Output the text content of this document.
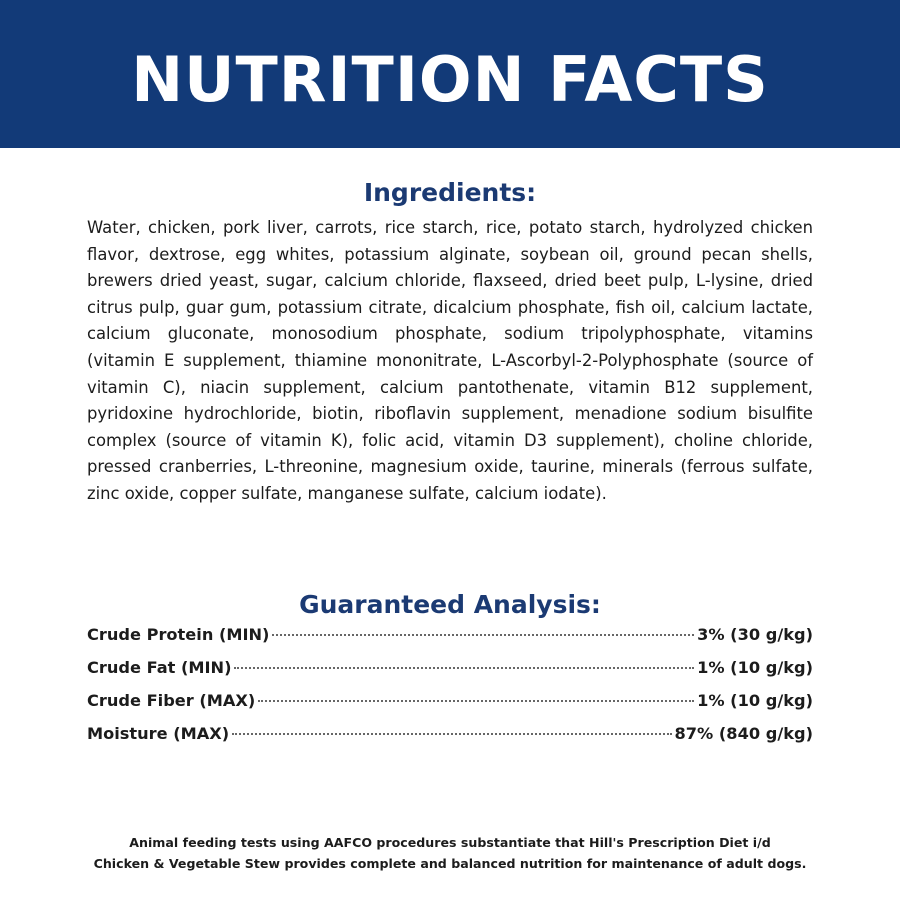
NUTRITION FACTS
Ingredients:

Water, chicken, pork liver, carrots, rice starch, rice, potato starch, hydrolyzed chicken flavor, dextrose, egg whites, potassium alginate, soybean oil, ground pecan shells, brewers dried yeast, sugar, calcium chloride, flaxseed, dried beet pulp, L-lysine, dried citrus pulp, guar gum, potassium citrate, dicalcium phosphate, fish oil, calcium lactate, calcium gluconate, monosodium phosphate, sodium tripolyphosphate, vitamins (vitamin E supplement, thiamine mononitrate, L-Ascorbyl-2-Polyphosphate (source of vitamin C), niacin supplement, calcium pantothenate, vitamin B12 supplement, pyridoxine hydrochloride, biotin, riboflavin supplement, menadione sodium bisulfite complex (source of vitamin K), folic acid, vitamin D3 supplement), choline chloride, pressed cranberries, L-threonine, magnesium oxide, taurine, minerals (ferrous sulfate, zinc oxide, copper sulfate, manganese sulfate, calcium iodate).

Guaranteed Analysis:
Crude Protein (MIN)	3% (30 g/kg)
Crude Fat (MIN)	1% (10 g/kg)
Crude Fiber (MAX)	1% (10 g/kg)
Moisture (MAX)	87% (840 g/kg)

Animal feeding tests using AAFCO procedures substantiate that Hill's Prescription Diet i/d
Chicken & Vegetable Stew provides complete and balanced nutrition for maintenance of adult dogs.
